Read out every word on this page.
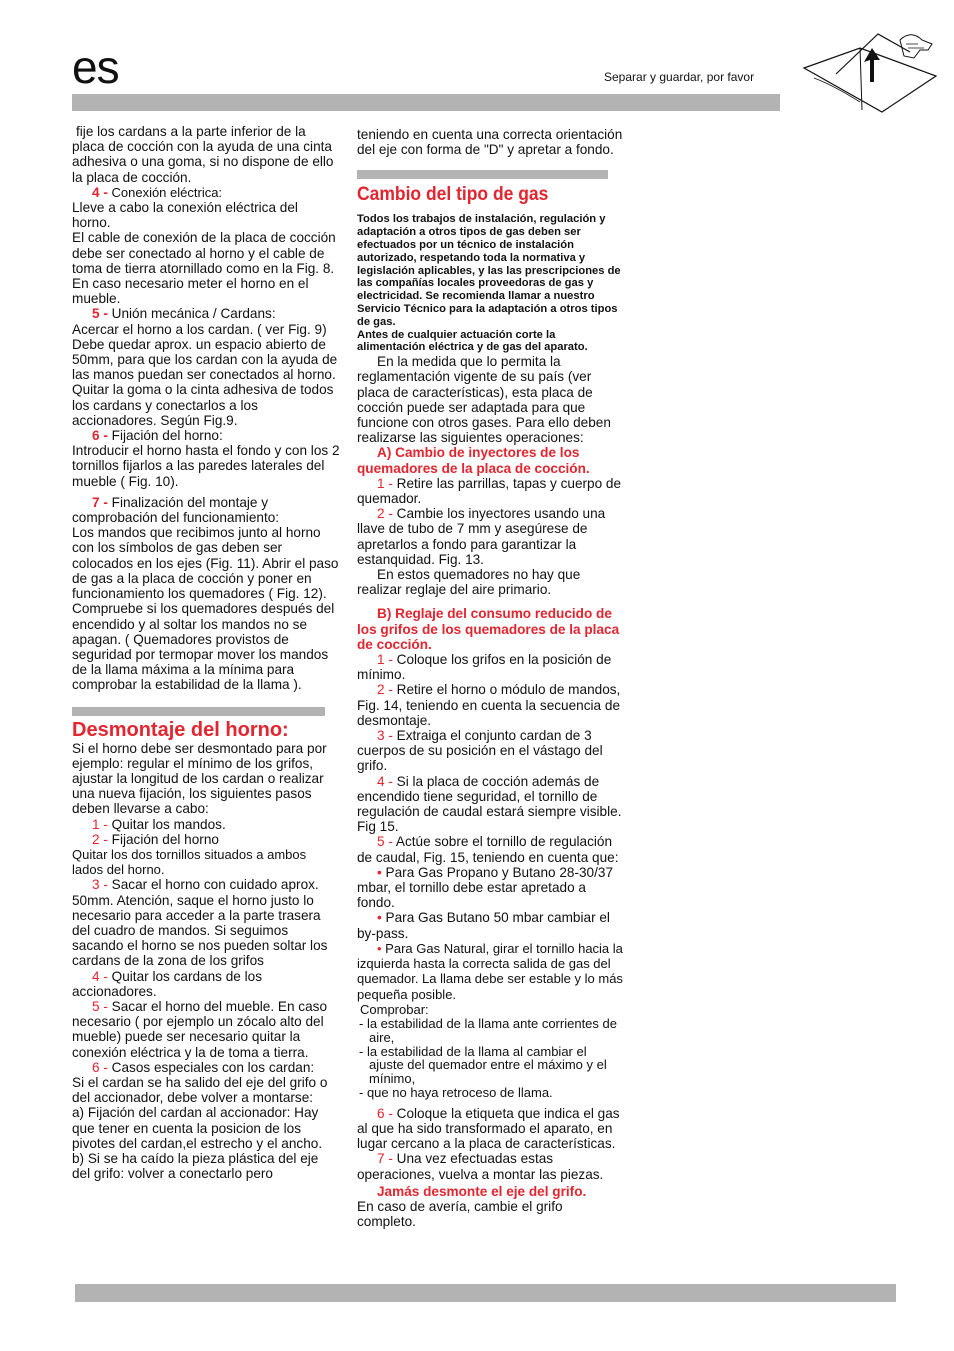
es	Separar y guardar, por favor

fije los cardans a la parte inferior de la placa de cocción con la ayuda de una cinta adhesiva o una goma, si no dispone de ello la placa de cocción.

4 - Conexión eléctrica:

Lleve a cabo la conexión eléctrica del horno.

El cable de conexión de la placa de cocción debe ser conectado al horno y el cable de toma de tierra atornillado como en la Fig. 8. En caso necesario meter el horno en el mueble.

5 - Unión mecánica / Cardans:

Acercar el horno a los cardan. ( ver Fig. 9) Debe quedar aprox. un espacio abierto de 50mm, para que los cardan con la ayuda de las manos puedan ser conectados al horno. Quitar la goma o la cinta adhesiva de todos los cardans y conectarlos a los accionadores. Según Fig.9.

6 - Fijación del horno:

Introducir el horno hasta el fondo y con los 2 tornillos fijarlos a las paredes laterales del mueble ( Fig. 10).

7 - Finalización del montaje y comprobación del funcionamiento:

Los mandos que recibimos junto al horno con los símbolos de gas deben ser colocados en los ejes (Fig. 11). Abrir el paso de gas a la placa de cocción y poner en funcionamiento los quemadores ( Fig. 12). Compruebe si los quemadores después del encendido y al soltar los mandos no se apagan. ( Quemadores provistos de seguridad por termopar mover los mandos de la llama máxima a la mínima para comprobar la estabilidad de la llama ).

Desmontaje del horno:

Si el horno debe ser desmontado para por ejemplo: regular el mínimo de los grifos, ajustar la longitud de los cardan o realizar una nueva fijación, los siguientes pasos deben llevarse a cabo:

1 - Quitar los mandos.

2 - Fijación del horno

Quitar los dos tornillos situados a ambos lados del horno.

3 - Sacar el horno con cuidado aprox. 50mm. Atención, saque el horno justo lo necesario para acceder a la parte trasera del cuadro de mandos. Si seguimos sacando el horno se nos pueden soltar los cardans de la zona de los grifos

4 - Quitar los cardans de los accionadores.

5 - Sacar el horno del mueble. En caso necesario ( por ejemplo un zócalo alto del mueble) puede ser necesario quitar la conexión eléctrica y la de toma a tierra.

6 - Casos especiales con los cardan:

Si el cardan se ha salido del eje del grifo o del accionador, debe volver a montarse:

a) Fijación del cardan al accionador: Hay que tener en cuenta la posicion de los pivotes del cardan,el estrecho y el ancho.

b) Si se ha caído la pieza plástica del eje del grifo: volver a conectarlo pero

teniendo en cuenta una correcta orientación del eje con forma de "D" y apretar a fondo.

Cambio del tipo de gas

Todos los trabajos de instalación, regulación y adaptación a otros tipos de gas deben ser efectuados por un técnico de instalación autorizado, respetando toda la normativa y legislación aplicables, y las las prescripciones de las compañías locales proveedoras de gas y electricidad. Se recomienda llamar a nuestro Servicio Técnico para la adaptación a otros tipos de gas.

Antes de cualquier actuación corte la alimentación eléctrica y de gas del aparato.

En la medida que lo permita la reglamentación vigente de su país (ver placa de características), esta placa de cocción puede ser adaptada para que funcione con otros gases. Para ello deben realizarse las siguientes operaciones:

A) Cambio de inyectores de los quemadores de la placa de cocción.

1 - Retire las parrillas, tapas y cuerpo de quemador.

2 - Cambie los inyectores usando una llave de tubo de 7 mm y asegúrese de apretarlos a fondo para garantizar la estanquidad. Fig. 13.

En estos quemadores no hay que realizar reglaje del aire primario.

B) Reglaje del consumo reducido de los grifos de los quemadores de la placa de cocción.

1 - Coloque los grifos en la posición de mínimo.

2 - Retire el horno o módulo de mandos, Fig. 14, teniendo en cuenta la secuencia de desmontaje.

3 - Extraiga el conjunto cardan de 3 cuerpos de su posición en el vástago del grifo.

4 - Si la placa de cocción además de encendido tiene seguridad, el tornillo de regulación de caudal estará siempre visible. Fig 15.

5 - Actúe sobre el tornillo de regulación de caudal, Fig. 15, teniendo en cuenta que:

• Para Gas Propano y Butano 28-30/37 mbar, el tornillo debe estar apretado a fondo.

• Para Gas Butano 50 mbar cambiar el by-pass.

• Para Gas Natural, girar el tornillo hacia la izquierda hasta la correcta salida de gas del quemador. La llama debe ser estable y lo más pequeña posible.

Comprobar:

- la estabilidad de la llama ante corrientes de aire,

- la estabilidad de la llama al cambiar el ajuste del quemador entre el máximo y el mínimo,

- que no haya retroceso de llama.

6 - Coloque la etiqueta que indica el gas al que ha sido transformado el aparato, en lugar cercano a la placa de características.

7 - Una vez efectuadas estas operaciones, vuelva a montar las piezas.

Jamás desmonte el eje del grifo.

En caso de avería, cambie el grifo completo.
